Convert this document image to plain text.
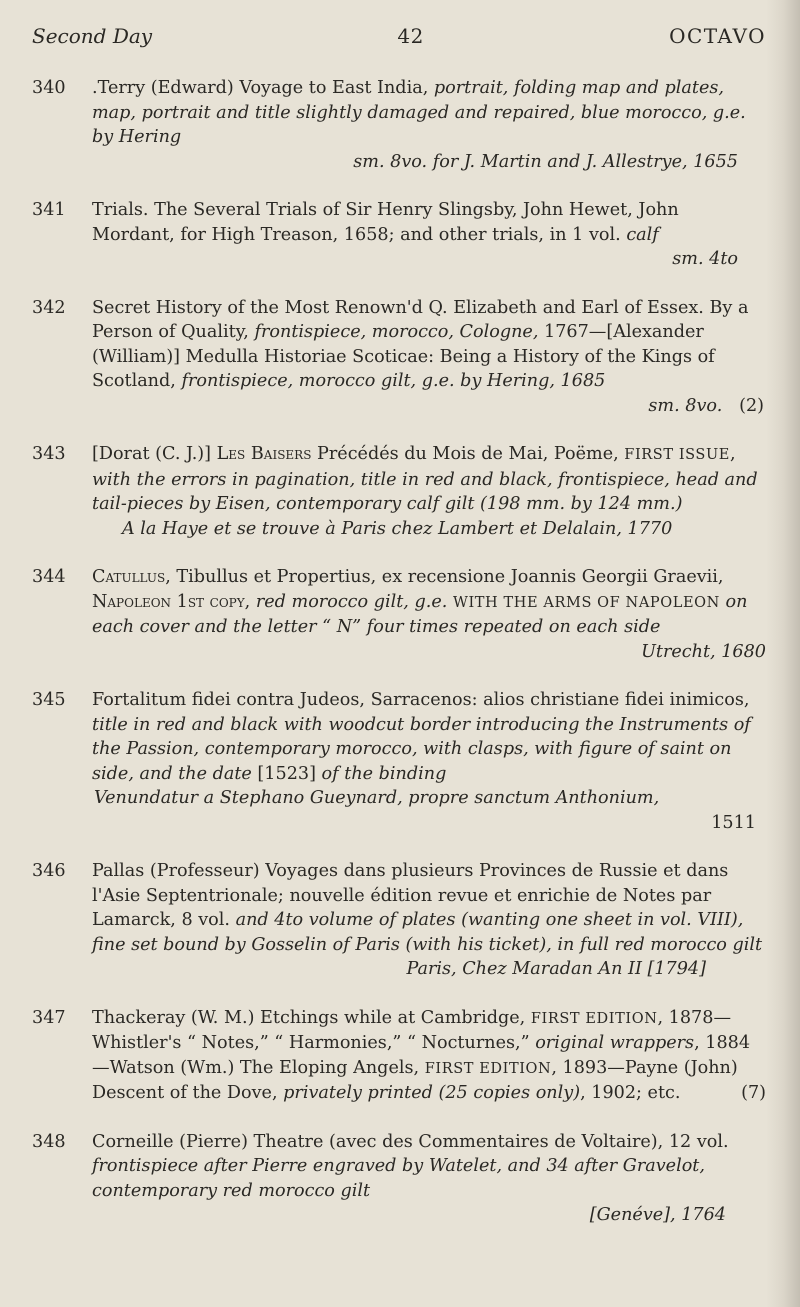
Second Day	42	OCTAVO
340	.Terry (Edward) Voyage to East India, portrait, folding map and plates, map, portrait and title slightly damaged and repaired, blue morocco, g.e. by Hering
sm. 8vo. for J. Martin and J. Allestrye, 1655
341	Trials. The Several Trials of Sir Henry Slingsby, John Hewet, John Mordant, for High Treason, 1658; and other trials, in 1 vol. calf
sm. 4to
342	Secret History of the Most Renown'd Q. Elizabeth and Earl of Essex. By a Person of Quality, frontispiece, morocco, Cologne, 1767—[Alexander (William)] Medulla Historiae Scoticae: Being a History of the Kings of Scotland, frontispiece, morocco gilt, g.e. by Hering, 1685
sm. 8vo. (2)
343	[Dorat (C. J.)] Les Baisers Précédés du Mois de Mai, Poëme, FIRST ISSUE, with the errors in pagination, title in red and black, frontispiece, head and tail-pieces by Eisen, contemporary calf gilt (198 mm. by 124 mm.)
A la Haye et se trouve à Paris chez Lambert et Delalain, 1770
344	Catullus, Tibullus et Propertius, ex recensione Joannis Georgii Graevii, Napoleon 1st copy, red morocco gilt, g.e. WITH THE ARMS OF NAPOLEON on each cover and the letter “ N” four times repeated on each side
Utrecht, 1680
345	Fortalitum fidei contra Judeos, Sarracenos: alios christiane fidei inimicos, title in red and black with woodcut border introducing the Instruments of the Passion, contemporary morocco, with clasps, with figure of saint on side, and the date [1523] of the binding
Venundatur a Stephano Gueynard, propre sanctum Anthonium,
1511
346	Pallas (Professeur) Voyages dans plusieurs Provinces de Russie et dans l'Asie Septentrionale; nouvelle édition revue et enrichie de Notes par Lamarck, 8 vol. and 4to volume of plates (wanting one sheet in vol. VIII), fine set bound by Gosselin of Paris (with his ticket), in full red morocco gilt
Paris, Chez Maradan An II [1794]
347	Thackeray (W. M.) Etchings while at Cambridge, FIRST EDITION, 1878—Whistler's “ Notes,” “ Harmonies,” “ Nocturnes,” original wrappers, 1884—Watson (Wm.) The Eloping Angels, FIRST EDITION, 1893—Payne (John) Descent of the Dove, privately printed (25 copies only), 1902; etc.	(7)
348	Corneille (Pierre) Theatre (avec des Commentaires de Voltaire), 12 vol. frontispiece after Pierre engraved by Watelet, and 34 after Gravelot, contemporary red morocco gilt
[Genéve], 1764
